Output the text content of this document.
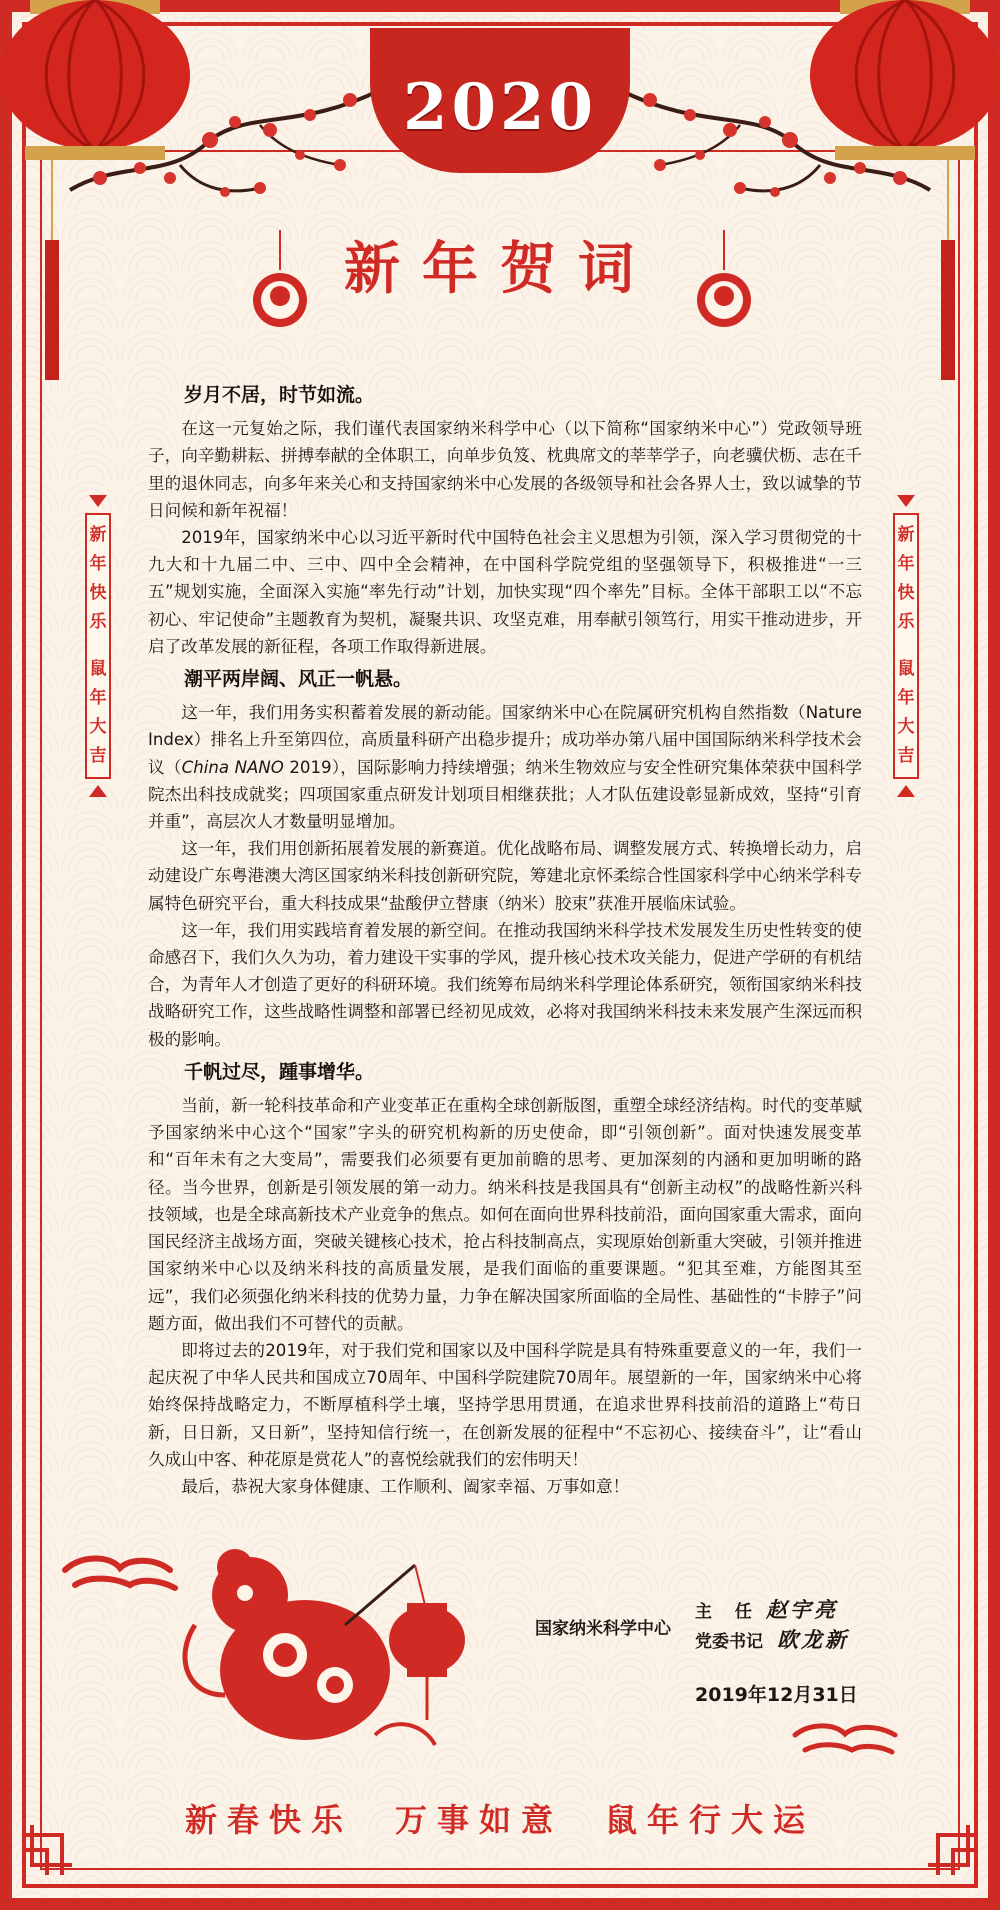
2020
新年贺词
新
年
快
乐
鼠
年
大
吉
新
年
快
乐
鼠
年
大
吉
岁月不居，时节如流。

在这一元复始之际，我们谨代表国家纳米科学中心（以下简称“国家纳米中心”）党政领导班子，向辛勤耕耘、拼搏奉献的全体职工，向单步负笈、枕典席文的莘莘学子，向老骥伏枥、志在千里的退休同志，向多年来关心和支持国家纳米中心发展的各级领导和社会各界人士，致以诚挚的节日问候和新年祝福！

2019年，国家纳米中心以习近平新时代中国特色社会主义思想为引领，深入学习贯彻党的十九大和十九届二中、三中、四中全会精神，在中国科学院党组的坚强领导下，积极推进“一三五”规划实施，全面深入实施“率先行动”计划，加快实现“四个率先”目标。全体干部职工以“不忘初心、牢记使命”主题教育为契机，凝聚共识、攻坚克难，用奉献引领笃行，用实干推动进步，开启了改革发展的新征程，各项工作取得新进展。

潮平两岸阔、风正一帆悬。

这一年，我们用务实积蓄着发展的新动能。国家纳米中心在院属研究机构自然指数（Nature　Index）排名上升至第四位，高质量科研产出稳步提升；成功举办第八届中国国际纳米科学技术会议（China NANO 2019），国际影响力持续增强；纳米生物效应与安全性研究集体荣获中国科学院杰出科技成就奖；四项国家重点研发计划项目相继获批；人才队伍建设彰显新成效，坚持“引育并重”，高层次人才数量明显增加。

这一年，我们用创新拓展着发展的新赛道。优化战略布局、调整发展方式、转换增长动力，启动建设广东粤港澳大湾区国家纳米科技创新研究院，筹建北京怀柔综合性国家科学中心纳米学科专属特色研究平台，重大科技成果“盐酸伊立替康（纳米）胶束”获准开展临床试验。

这一年，我们用实践培育着发展的新空间。在推动我国纳米科学技术发展发生历史性转变的使命感召下，我们久久为功，着力建设干实事的学风，提升核心技术攻关能力，促进产学研的有机结合，为青年人才创造了更好的科研环境。我们统筹布局纳米科学理论体系研究，领衔国家纳米科技战略研究工作，这些战略性调整和部署已经初见成效，必将对我国纳米科技未来发展产生深远而积极的影响。

千帆过尽，踵事增华。

当前，新一轮科技革命和产业变革正在重构全球创新版图，重塑全球经济结构。时代的变革赋予国家纳米中心这个“国家”字头的研究机构新的历史使命，即“引领创新”。面对快速发展变革和“百年未有之大变局”，需要我们必须要有更加前瞻的思考、更加深刻的内涵和更加明晰的路径。当今世界，创新是引领发展的第一动力。纳米科技是我国具有“创新主动权”的战略性新兴科技领域，也是全球高新技术产业竞争的焦点。如何在面向世界科技前沿，面向国家重大需求，面向国民经济主战场方面，突破关键核心技术，抢占科技制高点，实现原始创新重大突破，引领并推进国家纳米中心以及纳米科技的高质量发展，是我们面临的重要课题。“犯其至难，方能图其至远”，我们必须强化纳米科技的优势力量，力争在解决国家所面临的全局性、基础性的“卡脖子”问题方面，做出我们不可替代的贡献。

即将过去的2019年，对于我们党和国家以及中国科学院是具有特殊重要意义的一年，我们一起庆祝了中华人民共和国成立70周年、中国科学院建院70周年。展望新的一年，国家纳米中心将始终保持战略定力，不断厚植科学土壤，坚持学思用贯通，在追求世界科技前沿的道路上“苟日新，日日新，又日新”，坚持知信行统一，在创新发展的征程中“不忘初心、接续奋斗”，让“看山久成山中客、种花原是赏花人”的喜悦绘就我们的宏伟明天！

最后，恭祝大家身体健康、工作顺利、阖家幸福、万事如意！

国家纳米科学中心
主　 任 赵宇亮
党委书记 欧龙新
2019年12月31日
新春快乐　万事如意　鼠年行大运
